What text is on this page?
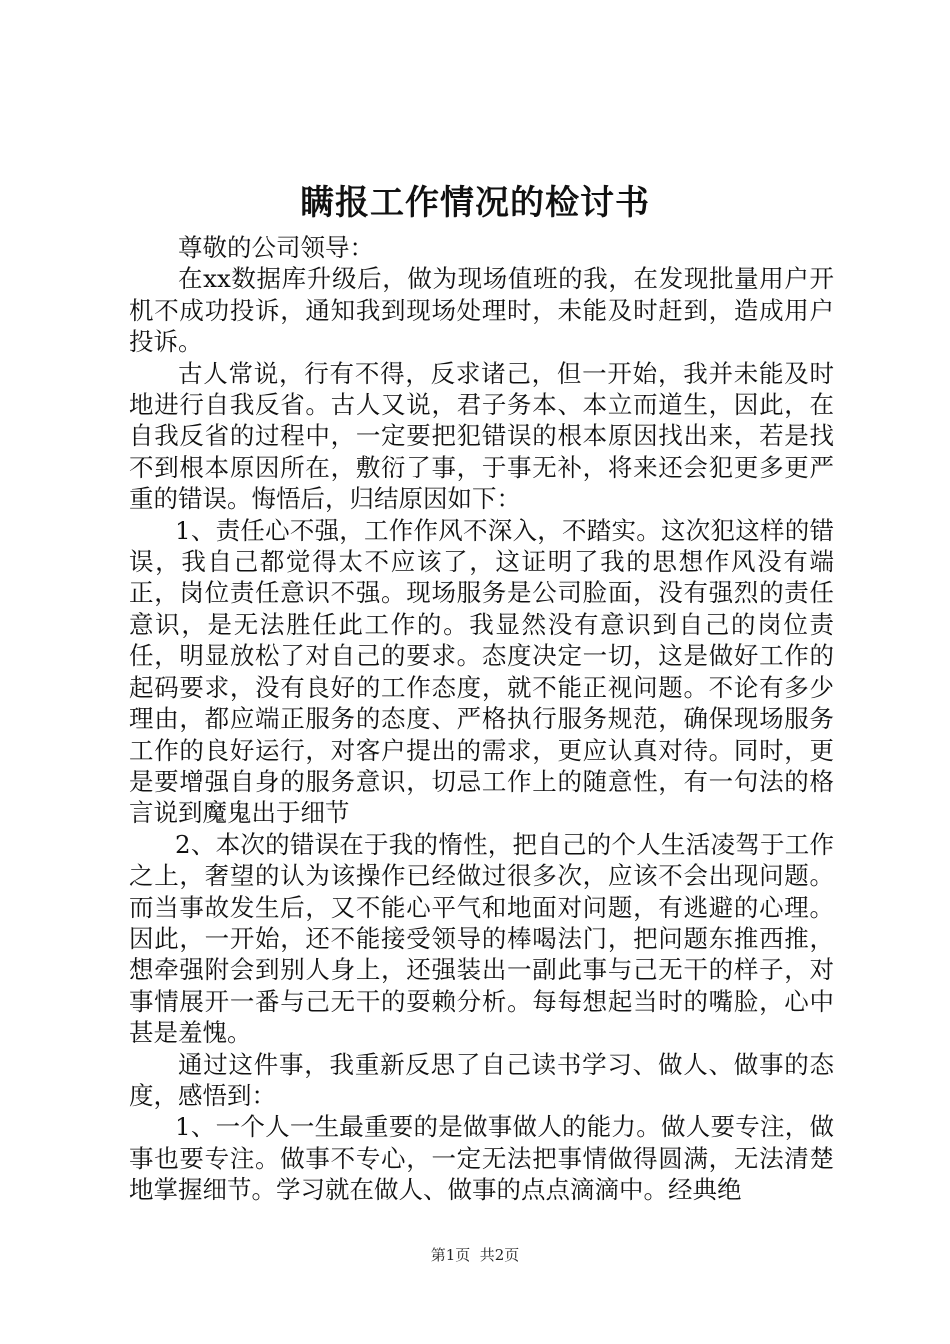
瞒报工作情况的检讨书

尊敬的公司领导：

在xx数据库升级后，做为现场值班的我，在发现批量用户开机不成功投诉，通知我到现场处理时，未能及时赶到，造成用户投诉。

古人常说，行有不得，反求诸己，但一开始，我并未能及时地进行自我反省。古人又说，君子务本、本立而道生，因此，在自我反省的过程中，一定要把犯错误的根本原因找出来，若是找不到根本原因所在，敷衍了事，于事无补，将来还会犯更多更严重的错误。悔悟后，归结原因如下：

1、责任心不强，工作作风不深入，不踏实。这次犯这样的错误，我自己都觉得太不应该了，这证明了我的思想作风没有端正，岗位责任意识不强。现场服务是公司脸面，没有强烈的责任意识，是无法胜任此工作的。我显然没有意识到自己的岗位责任，明显放松了对自己的要求。态度决定一切，这是做好工作的起码要求，没有良好的工作态度，就不能正视问题。不论有多少理由，都应端正服务的态度、严格执行服务规范，确保现场服务工作的良好运行，对客户提出的需求，更应认真对待。同时，更是要增强自身的服务意识，切忌工作上的随意性，有一句法的格言说到魔鬼出于细节

2、本次的错误在于我的惰性，把自己的个人生活凌驾于工作之上，奢望的认为该操作已经做过很多次，应该不会出现问题。而当事故发生后，又不能心平气和地面对问题，有逃避的心理。因此，一开始，还不能接受领导的棒喝法门，把问题东推西推，想牵强附会到别人身上，还强装出一副此事与己无干的样子，对事情展开一番与己无干的耍赖分析。每每想起当时的嘴脸，心中甚是羞愧。

通过这件事，我重新反思了自己读书学习、做人、做事的态度，感悟到：

1、一个人一生最重要的是做事做人的能力。做人要专注，做事也要专注。做事不专心，一定无法把事情做得圆满，无法清楚地掌握细节。学习就在做人、做事的点点滴滴中。经典绝

第1页  共2页
